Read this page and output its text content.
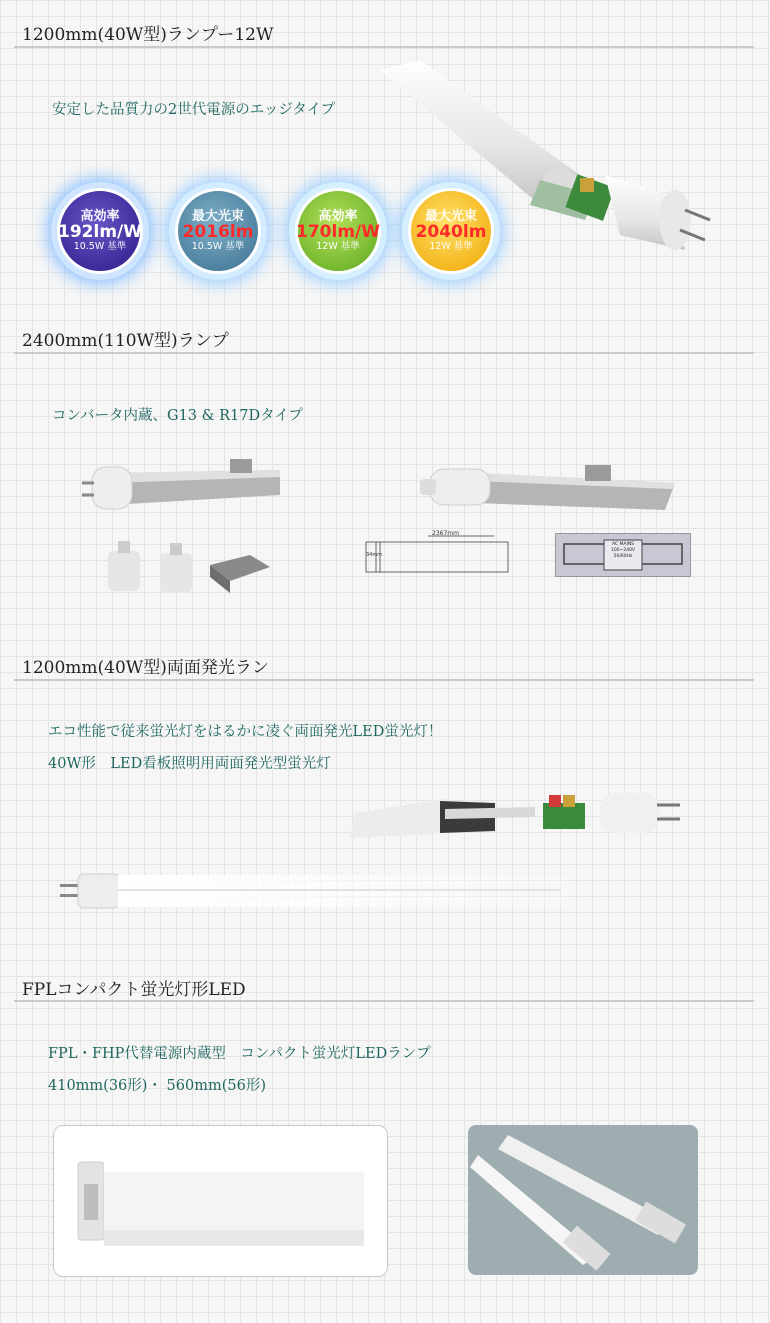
1200mm(40W型)ランプー12W
安定した品質力の2世代電源のエッジタイプ
高効率
192lm/W
10.5W 基準
最大光束
2016lm
10.5W 基準
高効率
170lm/W
12W 基準
最大光束
2040lm
12W 基準
2400mm(110W型)ランプ
コンバータ内蔵、G13 & R17Dタイプ
2367mm
34mm
AC MAINS
100~240V
50/60Hz
1200mm(40W型)両面発光ラン
エコ性能で従来蛍光灯をはるかに凌ぐ両面発光LED蛍光灯！
40W形　LED看板照明用両面発光型蛍光灯
FPLコンパクト蛍光灯形LED
FPL・FHP代替電源内蔵型　コンパクト蛍光灯LEDランプ
410mm(36形)・ 560mm(56形)
